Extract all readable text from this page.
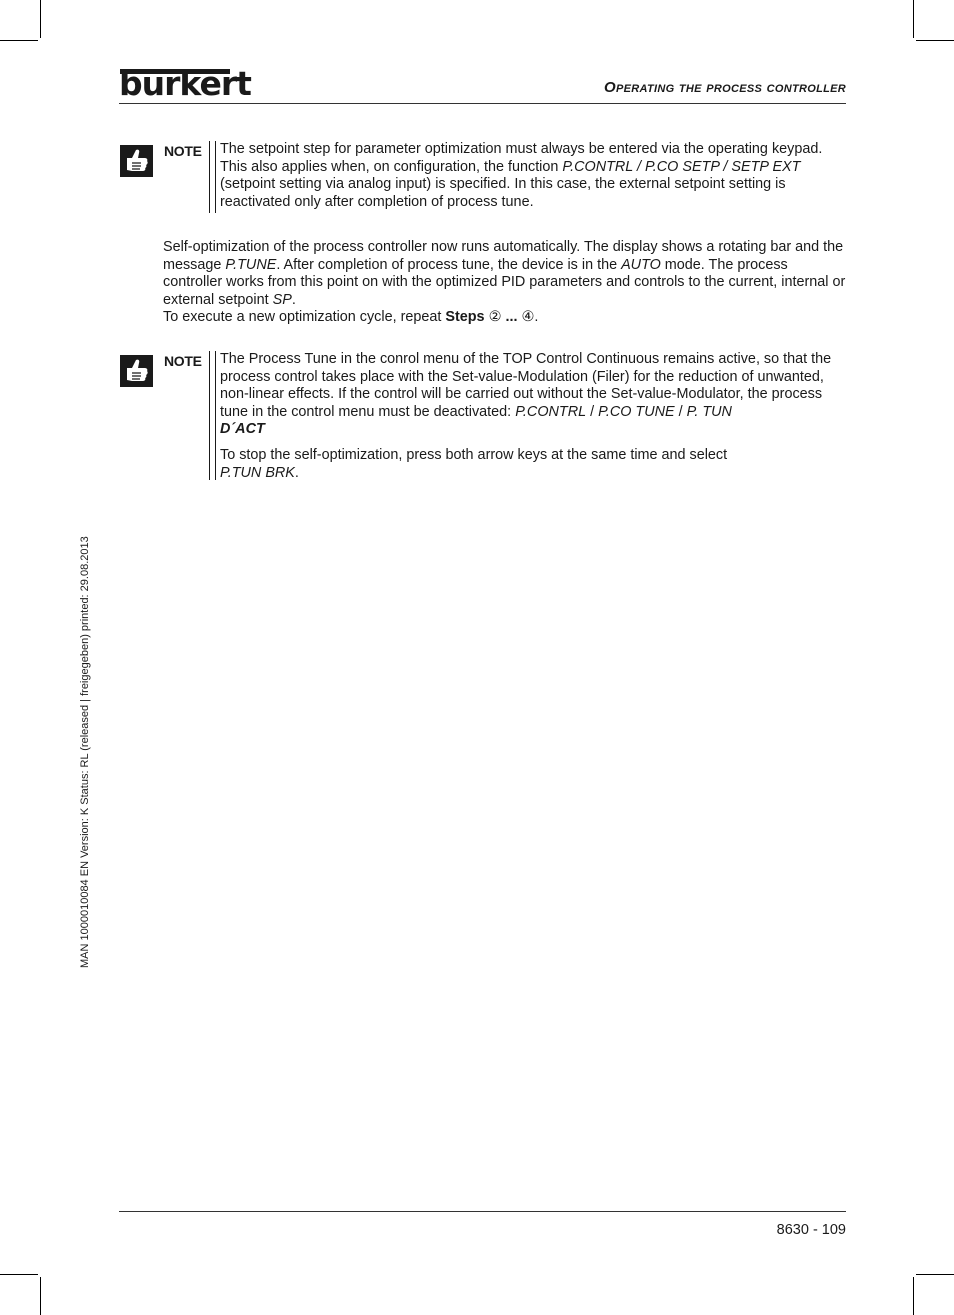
bürkert	Operating the process controller
NOTE The setpoint step for parameter optimization must always be entered via the operating keypad. This also applies when, on configuration, the function P.CONTRL / P.CO SETP / SETP EXT (setpoint setting via analog input) is specified. In this case, the external setpoint setting is reactivated only after completion of process tune.

Self-optimization of the process controller now runs automatically. The display shows a rotating bar and the message P.TUNE. After completion of process tune, the device is in the AUTO mode. The process controller works from this point on with the optimized PID parameters and controls to the current, internal or external setpoint SP.

To execute a new optimization cycle, repeat Steps ② ... ④.

NOTE The Process Tune in the conrol menu of the TOP Control Continuous remains active, so that the process control takes place with the Set-value-Modulation (Filer) for the reduction of unwanted, non-linear effects. If the control will be carried out without the Set-value-Modulator, the process tune in the control menu must be deactivated: P.CONTRL / P.CO TUNE / P. TUN
D´ACT

To stop the self-optimization, press both arrow keys at the same time and select
P.TUN BRK.

MAN 1000010084 EN Version: K Status: RL (released | freigegeben) printed: 29.08.2013
8630 - 109
